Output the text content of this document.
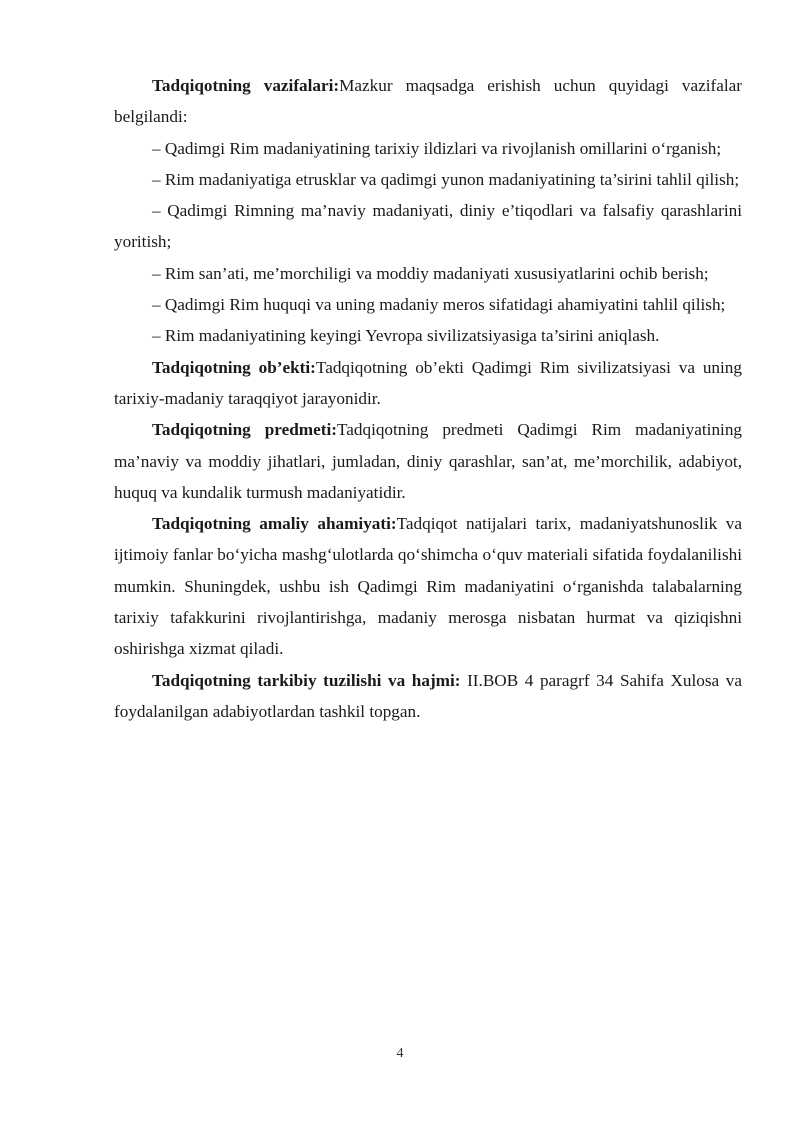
Tadqiqotning vazifalari:Mazkur maqsadga erishish uchun quyidagi vazifalar belgilandi:

– Qadimgi Rim madaniyatining tarixiy ildizlari va rivojlanish omillarini o‘rganish;

– Rim madaniyatiga etrusklar va qadimgi yunon madaniyatining ta’sirini tahlil qilish;

– Qadimgi Rimning ma’naviy madaniyati, diniy e’tiqodlari va falsafiy qarashlarini yoritish;

– Rim san’ati, me’morchiligi va moddiy madaniyati xususiyatlarini ochib berish;

– Qadimgi Rim huquqi va uning madaniy meros sifatidagi ahamiyatini tahlil qilish;

– Rim madaniyatining keyingi Yevropa sivilizatsiyasiga ta’sirini aniqlash.

Tadqiqotning ob’ekti:Tadqiqotning ob’ekti Qadimgi Rim sivilizatsiyasi va uning tarixiy-madaniy taraqqiyot jarayonidir.

Tadqiqotning predmeti:Tadqiqotning predmeti Qadimgi Rim madaniyatining ma’naviy va moddiy jihatlari, jumladan, diniy qarashlar, san’at, me’morchilik, adabiyot, huquq va kundalik turmush madaniyatidir.

Tadqiqotning amaliy ahamiyati:Tadqiqot natijalari tarix, madaniyatshunoslik va ijtimoiy fanlar bo‘yicha mashg‘ulotlarda qo‘shimcha o‘quv materiali sifatida foydalanilishi mumkin. Shuningdek, ushbu ish Qadimgi Rim madaniyatini o‘rganishda talabalarning tarixiy tafakkurini rivojlantirishga, madaniy merosga nisbatan hurmat va qiziqishni oshirishga xizmat qiladi.

Tadqiqotning tarkibiy tuzilishi va hajmi: II.BOB 4 paragrf 34 Sahifa Xulosa va foydalanilgan adabiyotlardan tashkil topgan.

4
